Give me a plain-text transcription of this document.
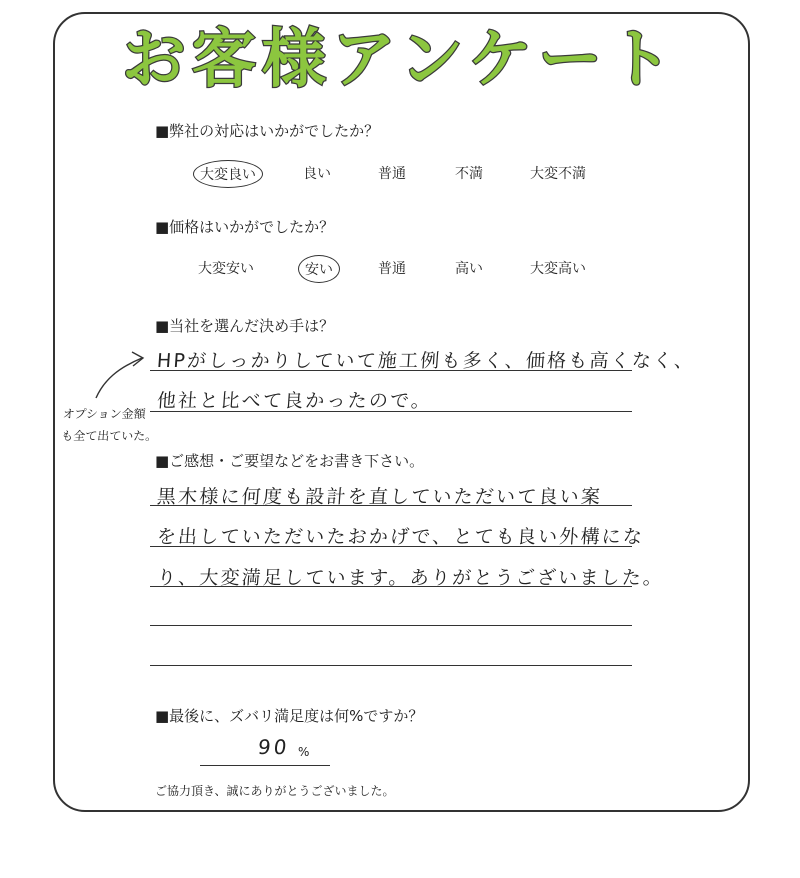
お客様アンケート
■弊社の対応はいかがでしたか？
大変良い	良い	普通	不満	大変不満
■価格はいかがでしたか？
大変安い	安い	普通	高い	大変高い
■当社を選んだ決め手は？
HPがしっかりしていて施工例も多く、価格も高くなく、
他社と比べて良かったので。
オプション金額
も全て出ていた。
■ご感想・ご要望などをお書き下さい。
黒木様に何度も設計を直していただいて良い案
を出していただいたおかげで、とても良い外構にな
り、大変満足しています。ありがとうございました。
■最後に、ズバリ満足度は何%ですか？
90 %
ご協力頂き、誠にありがとうございました。
